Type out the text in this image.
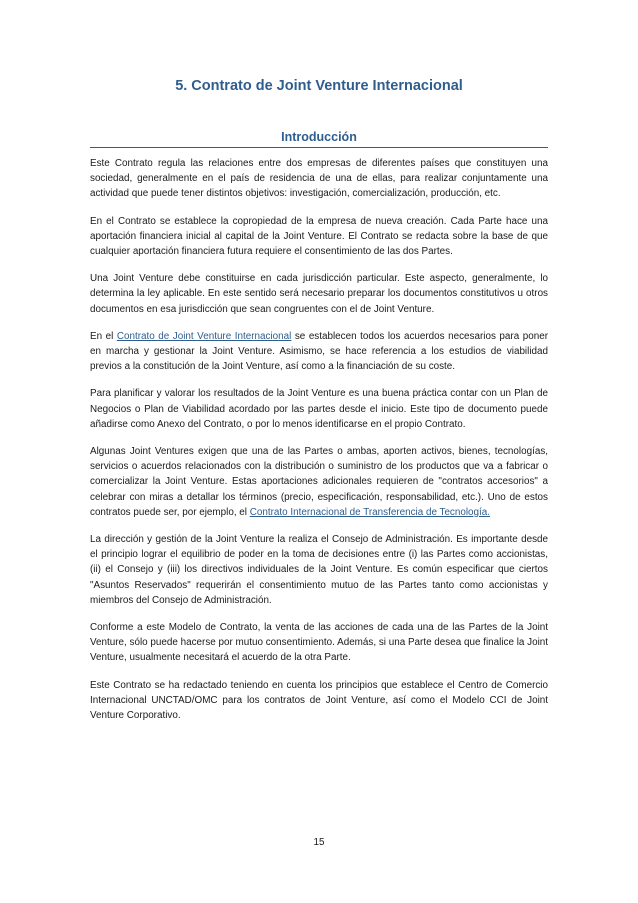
5. Contrato de Joint Venture Internacional
Introducción

Este Contrato regula las relaciones entre dos empresas de diferentes países que constituyen una sociedad, generalmente en el país de residencia de una de ellas, para realizar conjuntamente una actividad que puede tener distintos objetivos: investigación, comercialización, producción, etc.

En el Contrato se establece la copropiedad de la empresa de nueva creación. Cada Parte hace una aportación financiera inicial al capital de la Joint Venture. El Contrato se redacta sobre la base de que cualquier aportación financiera futura requiere el consentimiento de las dos Partes.

Una Joint Venture debe constituirse en cada jurisdicción particular. Este aspecto, generalmente, lo determina la ley aplicable. En este sentido será necesario preparar los documentos constitutivos u otros documentos en esa jurisdicción que sean congruentes con el de Joint Venture.

En el Contrato de Joint Venture Internacional se establecen todos los acuerdos necesarios para poner en marcha y gestionar la Joint Venture. Asimismo, se hace referencia a los estudios de viabilidad previos a la constitución de la Joint Venture, así como a la financiación de su coste.

Para planificar y valorar los resultados de la Joint Venture es una buena práctica contar con un Plan de Negocios o Plan de Viabilidad acordado por las partes desde el inicio. Este tipo de documento puede añadirse como Anexo del Contrato, o por lo menos identificarse en el propio Contrato.

Algunas Joint Ventures exigen que una de las Partes o ambas, aporten activos, bienes, tecnologías, servicios o acuerdos relacionados con la distribución o suministro de los productos que va a fabricar o comercializar la Joint Venture. Estas aportaciones adicionales requieren de "contratos accesorios" a celebrar con miras a detallar los términos (precio, especificación, responsabilidad, etc.). Uno de estos contratos puede ser, por ejemplo, el Contrato Internacional de Transferencia de Tecnología.

La dirección y gestión de la Joint Venture la realiza el Consejo de Administración. Es importante desde el principio lograr el equilibrio de poder en la toma de decisiones entre (i) las Partes como accionistas, (ii) el Consejo y (iii) los directivos individuales de la Joint Venture. Es común especificar que ciertos "Asuntos Reservados" requerirán el consentimiento mutuo de las Partes tanto como accionistas y miembros del Consejo de Administración.

Conforme a este Modelo de Contrato, la venta de las acciones de cada una de las Partes de la Joint Venture, sólo puede hacerse por mutuo consentimiento. Además, si una Parte desea que finalice la Joint Venture, usualmente necesitará el acuerdo de la otra Parte.

Este Contrato se ha redactado teniendo en cuenta los principios que establece el Centro de Comercio Internacional UNCTAD/OMC para los contratos de Joint Venture, así como el Modelo CCI de Joint Venture Corporativo.

15
